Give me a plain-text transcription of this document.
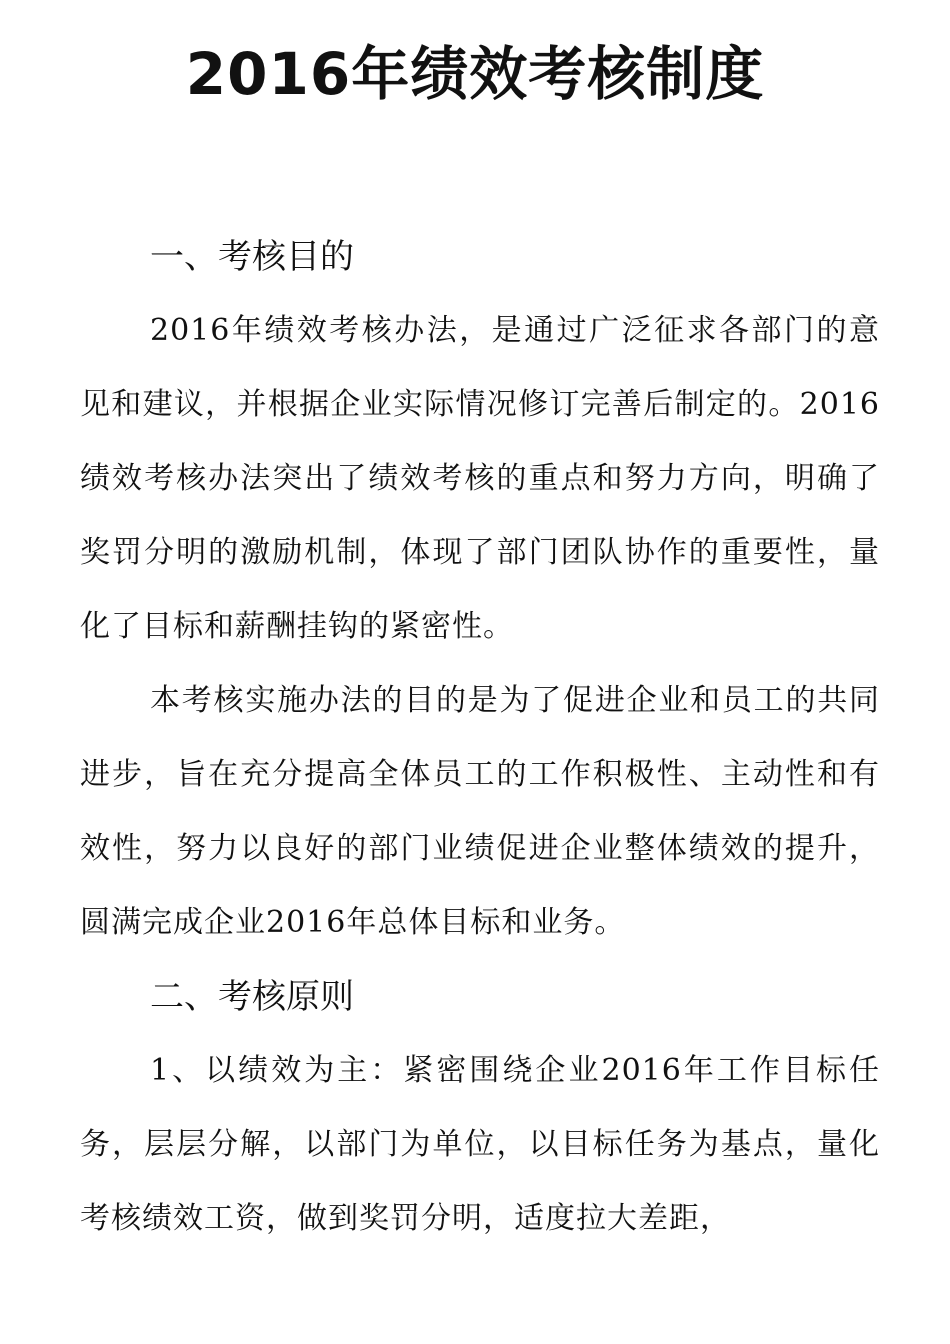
2016年绩效考核制度
一、考核目的

2016年绩效考核办法，是通过广泛征求各部门的意见和建议，并根据企业实际情况修订完善后制定的。2016绩效考核办法突出了绩效考核的重点和努力方向，明确了奖罚分明的激励机制，体现了部门团队协作的重要性，量化了目标和薪酬挂钩的紧密性。

本考核实施办法的目的是为了促进企业和员工的共同进步，旨在充分提高全体员工的工作积极性、主动性和有效性，努力以良好的部门业绩促进企业整体绩效的提升，圆满完成企业2016年总体目标和业务。

二、考核原则

1、以绩效为主：紧密围绕企业2016年工作目标任务，层层分解，以部门为单位，以目标任务为基点，量化考核绩效工资，做到奖罚分明，适度拉大差距，
